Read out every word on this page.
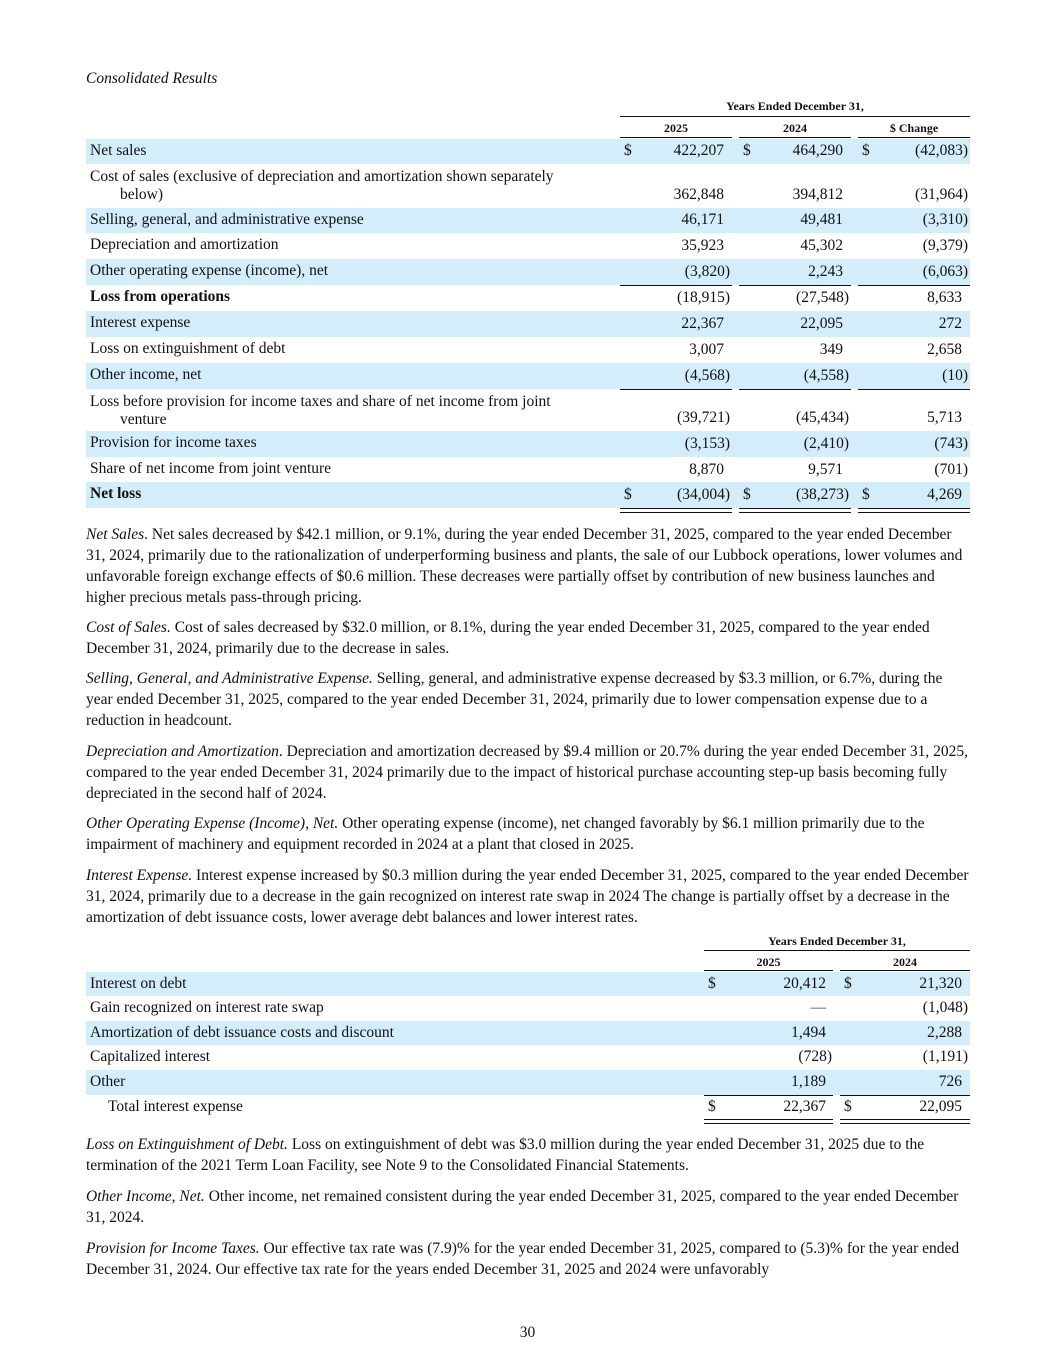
Consolidated Results
Years Ended December 31,
2025	2024	$ Change
Net sales	$	422,207 $	464,290 $	(42,083)
Cost of sales (exclusive of depreciation and amortization shown separately
below)	362,848	394,812	(31,964)
Selling, general, and administrative expense	46,171	49,481	(3,310)
Depreciation and amortization	35,923	45,302	(9,379)
Other operating expense (income), net	(3,820)	2,243	(6,063)
Loss from operations	(18,915)	(27,548)	8,633
Interest expense	22,367	22,095	272
Loss on extinguishment of debt	3,007	349	2,658
Other income, net	(4,568)	(4,558)	(10)
Loss before provision for income taxes and share of net income from joint
venture	(39,721)	(45,434)	5,713
Provision for income taxes	(3,153)	(2,410)	(743)
Share of net income from joint venture	8,870	9,571	(701)
Net loss	$	(34,004) $	(38,273) $	4,269

Net Sales. Net sales decreased by $42.1 million, or 9.1%, during the year ended December 31, 2025, compared to the year ended December 31, 2024, primarily due to the rationalization of underperforming business and plants, the sale of our Lubbock operations, lower volumes and unfavorable foreign exchange effects of $0.6 million. These decreases were partially offset by contribution of new business launches and higher precious metals pass-through pricing.

Cost of Sales. Cost of sales decreased by $32.0 million, or 8.1%, during the year ended December 31, 2025, compared to the year ended December 31, 2024, primarily due to the decrease in sales.

Selling, General, and Administrative Expense. Selling, general, and administrative expense decreased by $3.3 million, or 6.7%, during the year ended December 31, 2025, compared to the year ended December 31, 2024, primarily due to lower compensation expense due to a reduction in headcount.

Depreciation and Amortization. Depreciation and amortization decreased by $9.4 million or 20.7% during the year ended December 31, 2025, compared to the year ended December 31, 2024 primarily due to the impact of historical purchase accounting step-up basis becoming fully depreciated in the second half of 2024.

Other Operating Expense (Income), Net. Other operating expense (income), net changed favorably by $6.1 million primarily due to the impairment of machinery and equipment recorded in 2024 at a plant that closed in 2025.

Interest Expense. Interest expense increased by $0.3 million during the year ended December 31, 2025, compared to the year ended December 31, 2024, primarily due to a decrease in the gain recognized on interest rate swap in 2024 The change is partially offset by a decrease in the amortization of debt issuance costs, lower average debt balances and lower interest rates.

Years Ended December 31,
2025	2024
Interest on debt	$	20,412 $	21,320
Gain recognized on interest rate swap	—	(1,048)
Amortization of debt issuance costs and discount	1,494	2,288
Capitalized interest	(728)	(1,191)
Other	1,189	726
Total interest expense	$	22,367 $	22,095

Loss on Extinguishment of Debt. Loss on extinguishment of debt was $3.0 million during the year ended December 31, 2025 due to the termination of the 2021 Term Loan Facility, see Note 9 to the Consolidated Financial Statements.

Other Income, Net. Other income, net remained consistent during the year ended December 31, 2025, compared to the year ended December 31, 2024.

Provision for Income Taxes. Our effective tax rate was (7.9)% for the year ended December 31, 2025, compared to (5.3)% for the year ended December 31, 2024. Our effective tax rate for the years ended December 31, 2025 and 2024 were unfavorably

30
